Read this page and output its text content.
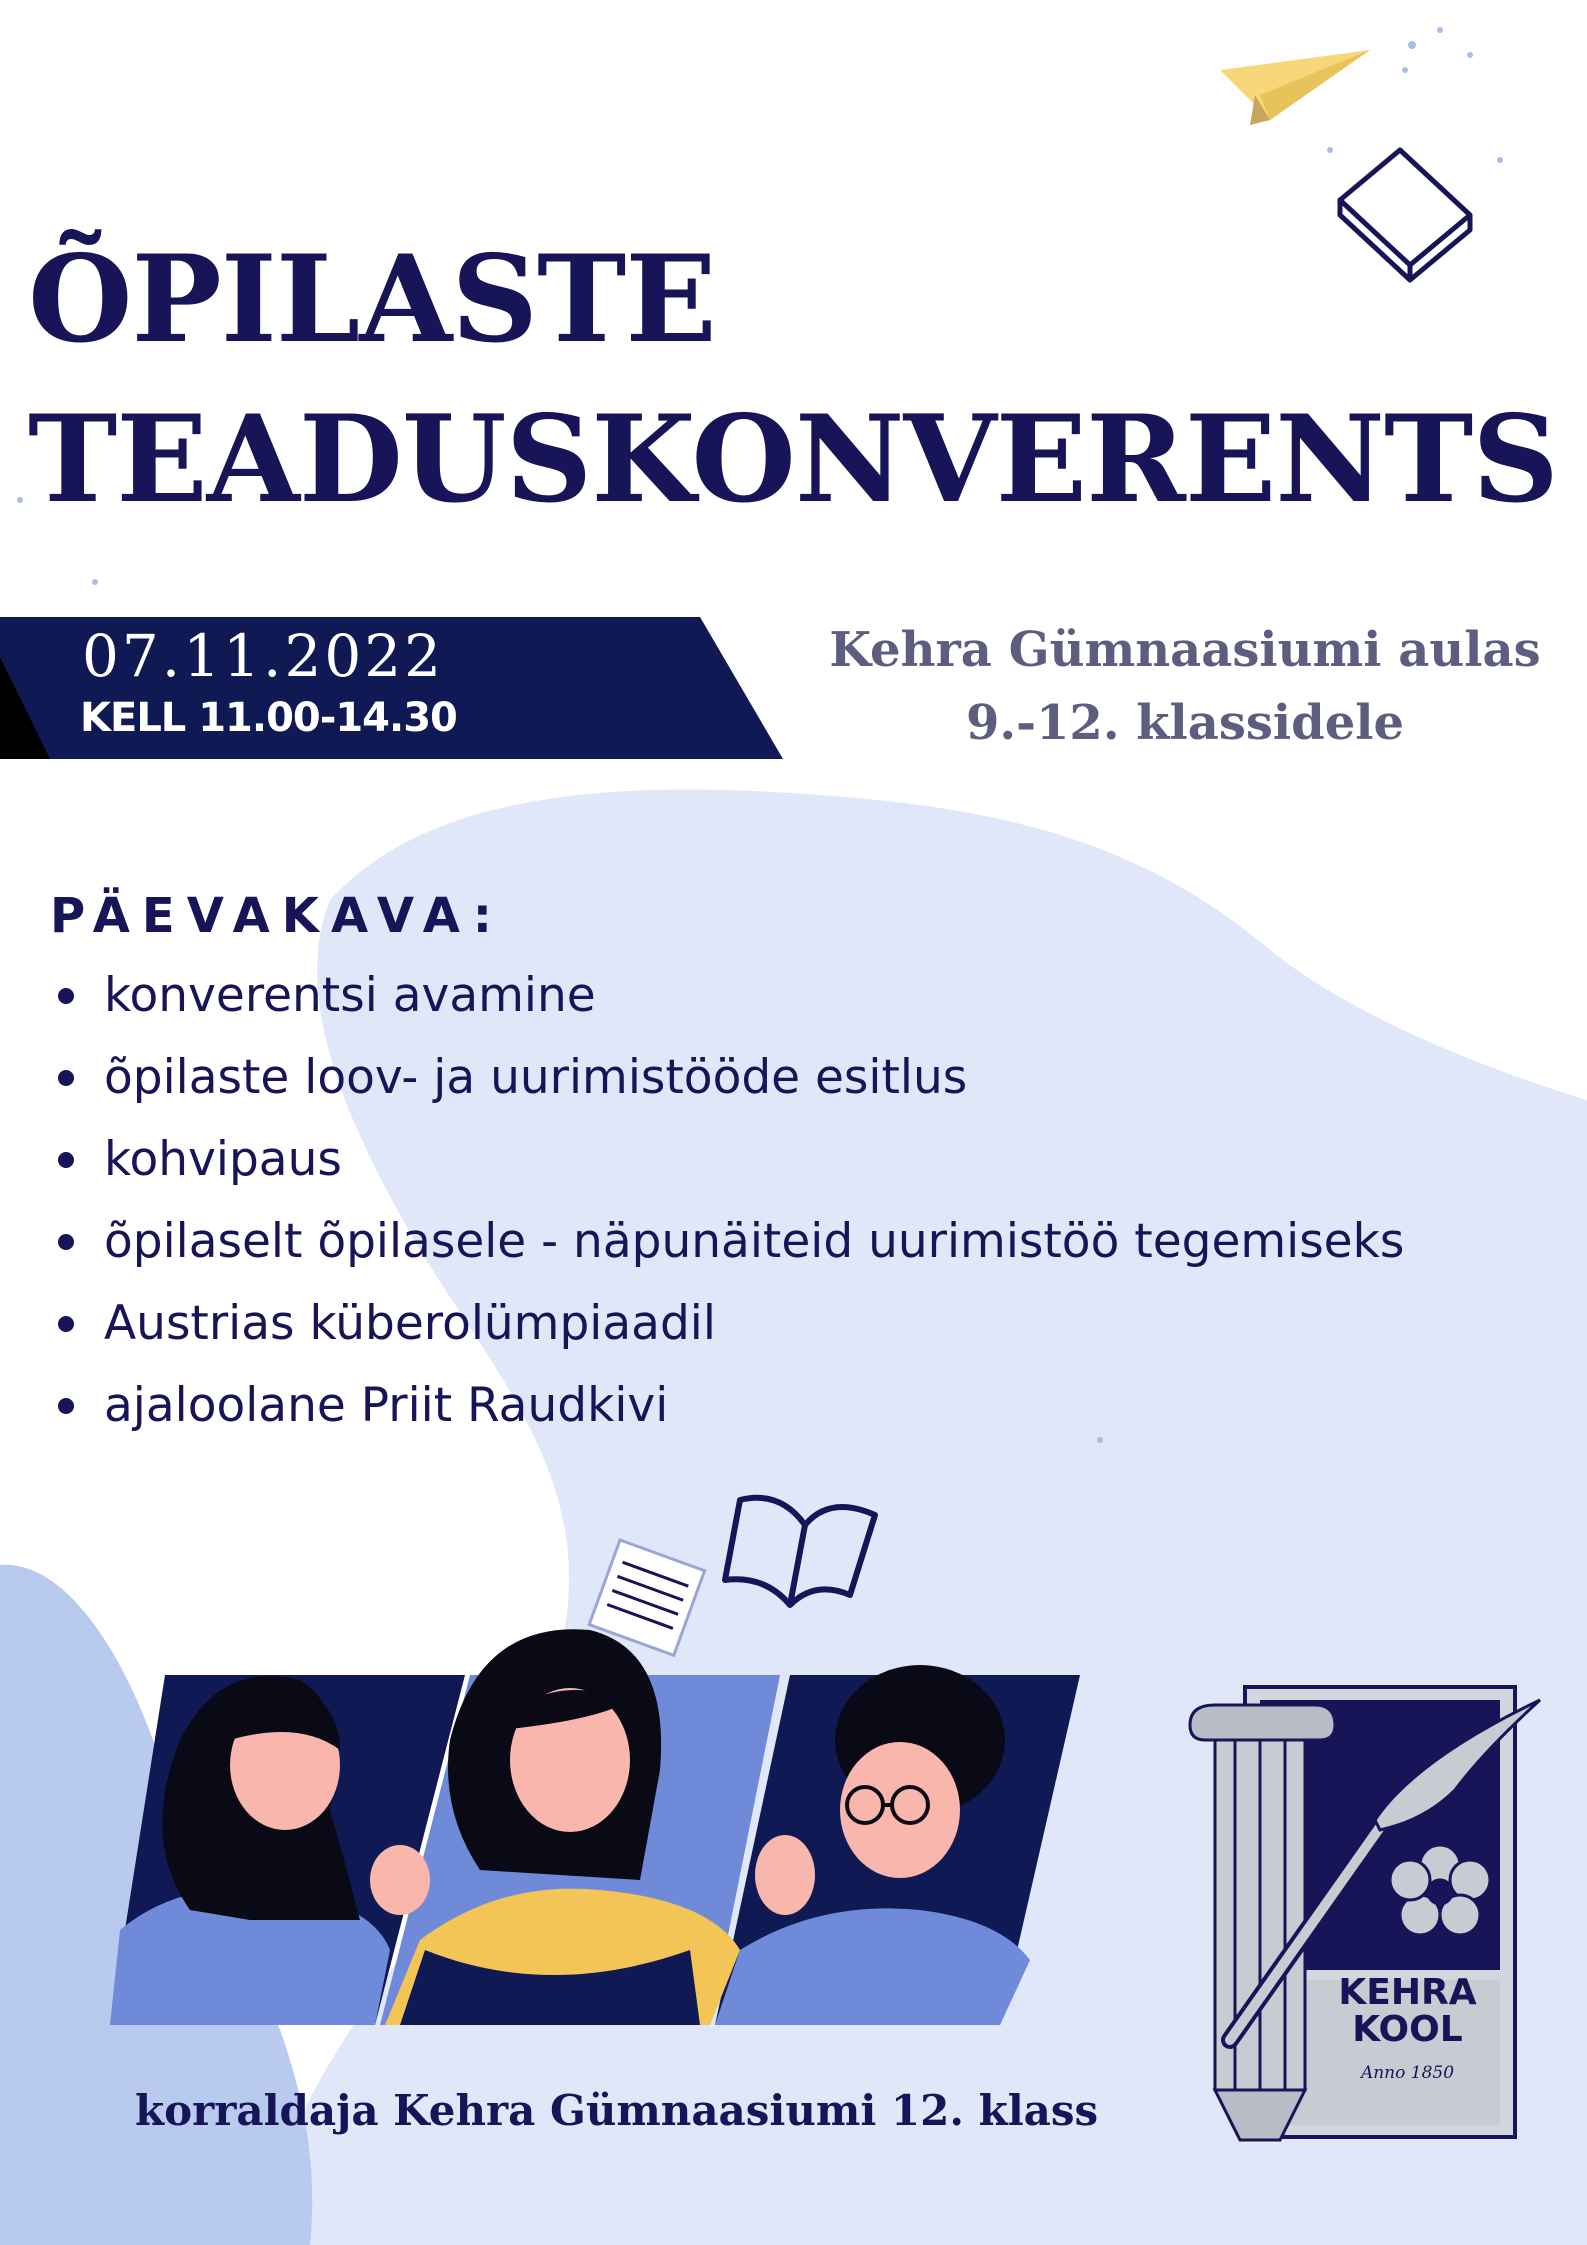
ÕPILASTE
TEADUSKONVERENTS
07.11.2022
KELL 11.00-14.30
Kehra Gümnaasiumi aulas
9.-12. klassidele
PÄEVAKAVA:
konverentsi avamine
õpilaste loov- ja uurimistööde esitlus
kohvipaus
õpilaselt õpilasele - näpunäiteid uurimistöö tegemiseks
Austrias küberolümpiaadil
ajaloolane Priit Raudkivi
KEHRA
KOOL
Anno 1850
korraldaja Kehra Gümnaasiumi 12. klass
